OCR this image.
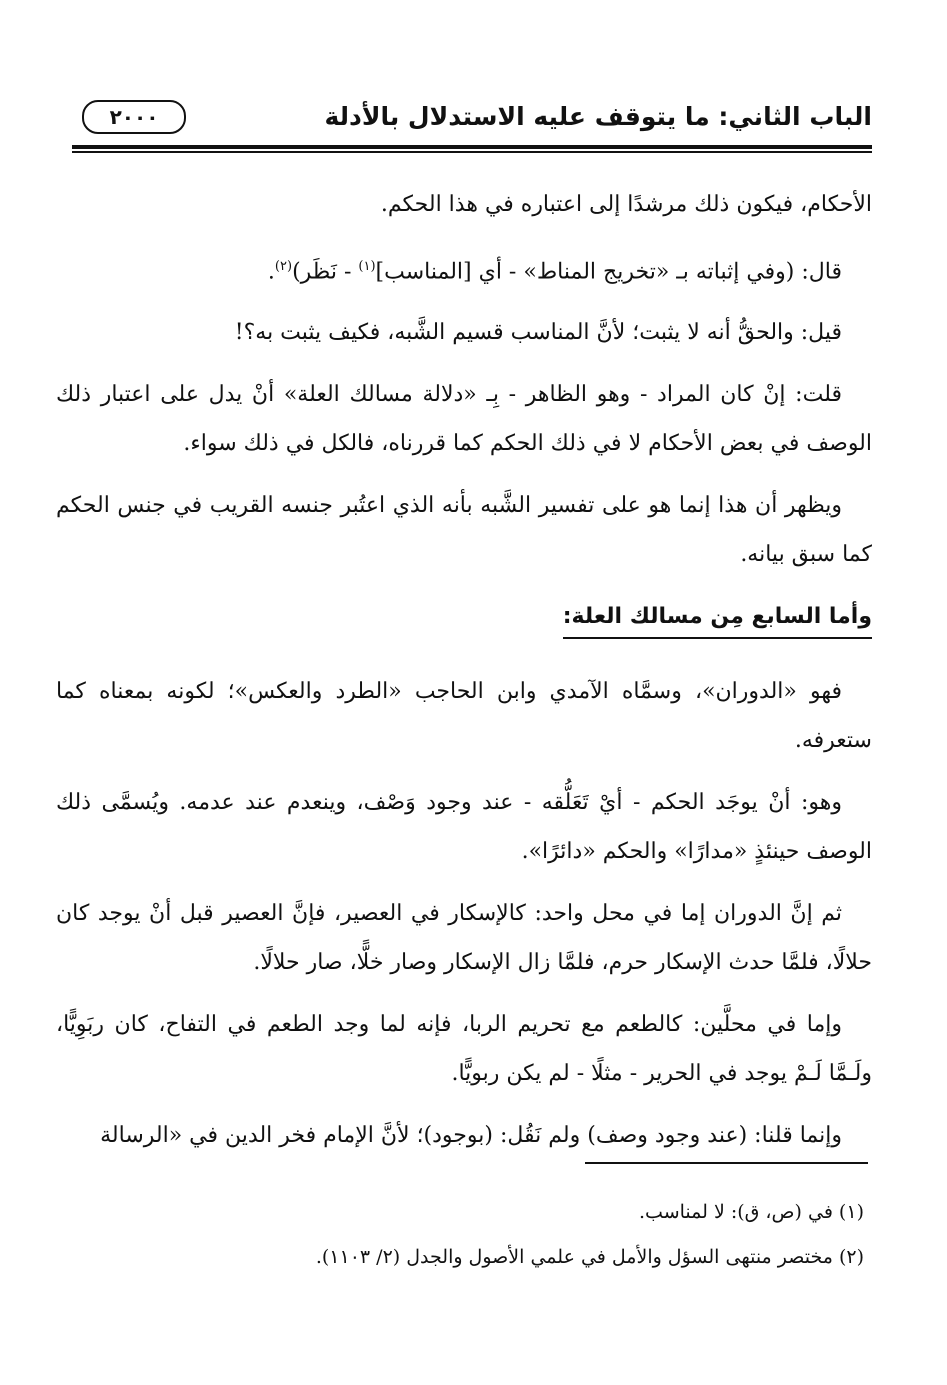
الباب الثاني: ما يتوقف عليه الاستدلال بالأدلة
٢٠٠٠

الأحكام، فيكون ذلك مرشدًا إلى اعتباره في هذا الحكم.

قال: (وفي إثباته بـ «تخريج المناط» - أي [المناسب]$^{(١)}$ - نَظَر)$^{(٢)}$.

قيل: والحقُّ أنه لا يثبت؛ لأنَّ المناسب قسيم الشَّبه، فكيف يثبت به؟!

قلت: إنْ كان المراد - وهو الظاهر - بِـ «دلالة مسالك العلة» أنْ يدل على اعتبار ذلك الوصف في بعض الأحكام لا في ذلك الحكم كما قررناه، فالكل في ذلك سواء.

ويظهر أن هذا إنما هو على تفسير الشَّبه بأنه الذي اعتُبر جنسه القريب في جنس الحكم كما سبق بيانه.

وأما السابع مِن مسالك العلة:

فهو «الدوران»، وسمَّاه الآمدي وابن الحاجب «الطرد والعكس»؛ لكونه بمعناه كما ستعرفه.

وهو: أنْ يوجَد الحكم - أيْ تَعَلُّقه - عند وجود وَصْف، وينعدم عند عدمه. ويُسمَّى ذلك الوصف حينئذٍ «مدارًا» والحكم «دائرًا».

ثم إنَّ الدوران إما في محل واحد: كالإسكار في العصير، فإنَّ العصير قبل أنْ يوجد كان حلالًا، فلمَّا حدث الإسكار حرم، فلمَّا زال الإسكار وصار خلًّا، صار حلالًا.

وإما في محلَّين: كالطعم مع تحريم الربا، فإنه لما وجد الطعم في التفاح، كان ربَوِيًّا، ولَـمَّا لَـمْ يوجد في الحرير - مثلًا - لم يكن ربويًّا.

وإنما قلنا: (عند وجود وصف) ولم نَقُل: (بوجود)؛ لأنَّ الإمام فخر الدين في «الرسالة

(١) في (ص، ق): لا لمناسب.

(٢) مختصر منتهى السؤل والأمل في علمي الأصول والجدل (٢/ ١١٠٣).
